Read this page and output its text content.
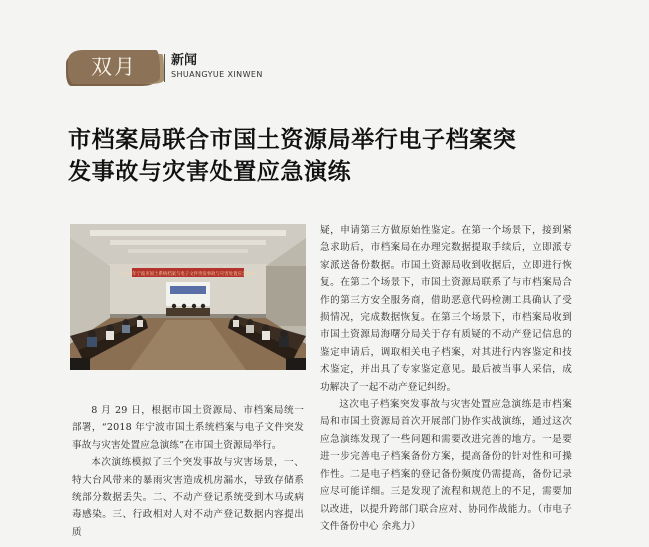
双月	新闻
SHUANGYUE XINWEN
市档案局联合市国土资源局举行电子档案突
发事故与灾害处置应急演练
2018年宁波市国土系统档案与电子文件突发事故与灾害处置应急演练

8 月 29 日，根据市国土资源局、市档案局统一部署，“2018 年宁波市国土系统档案与电子文件突发事故与灾害处置应急演练”在市国土资源局举行。

本次演练模拟了三个突发事故与灾害场景，一、特大台风带来的暴雨灾害造成机房漏水，导致存储系统部分数据丢失。二、不动产登记系统受到木马或病毒感染。三、行政相对人对不动产登记数据内容提出质

疑，申请第三方做原始性鉴定。在第一个场景下，接到紧急求助后，市档案局在办理完数据提取手续后，立即派专家派送备份数据。市国土资源局收到收据后，立即进行恢复。在第二个场景下，市国土资源局联系了与市档案局合作的第三方安全服务商，借助恶意代码检测工具确认了受损情况，完成数据恢复。在第三个场景下，市档案局收到市国土资源局海曙分局关于存有质疑的不动产登记信息的鉴定申请后，调取相关电子档案，对其进行内容鉴定和技术鉴定，并出具了专家鉴定意见。最后被当事人采信，成功解决了一起不动产登记纠纷。

这次电子档案突发事故与灾害处置应急演练是市档案局和市国土资源局首次开展部门协作实战演练，通过这次应急演练发现了一些问题和需要改进完善的地方。一是要进一步完善电子档案备份方案，提高备份的针对性和可操作性。二是电子档案的登记备份频度仍需提高，备份记录应尽可能详细。三是发现了流程和规范上的不足，需要加以改进，以提升跨部门联合应对、协同作战能力。（市电子文件备份中心 余兆力）
